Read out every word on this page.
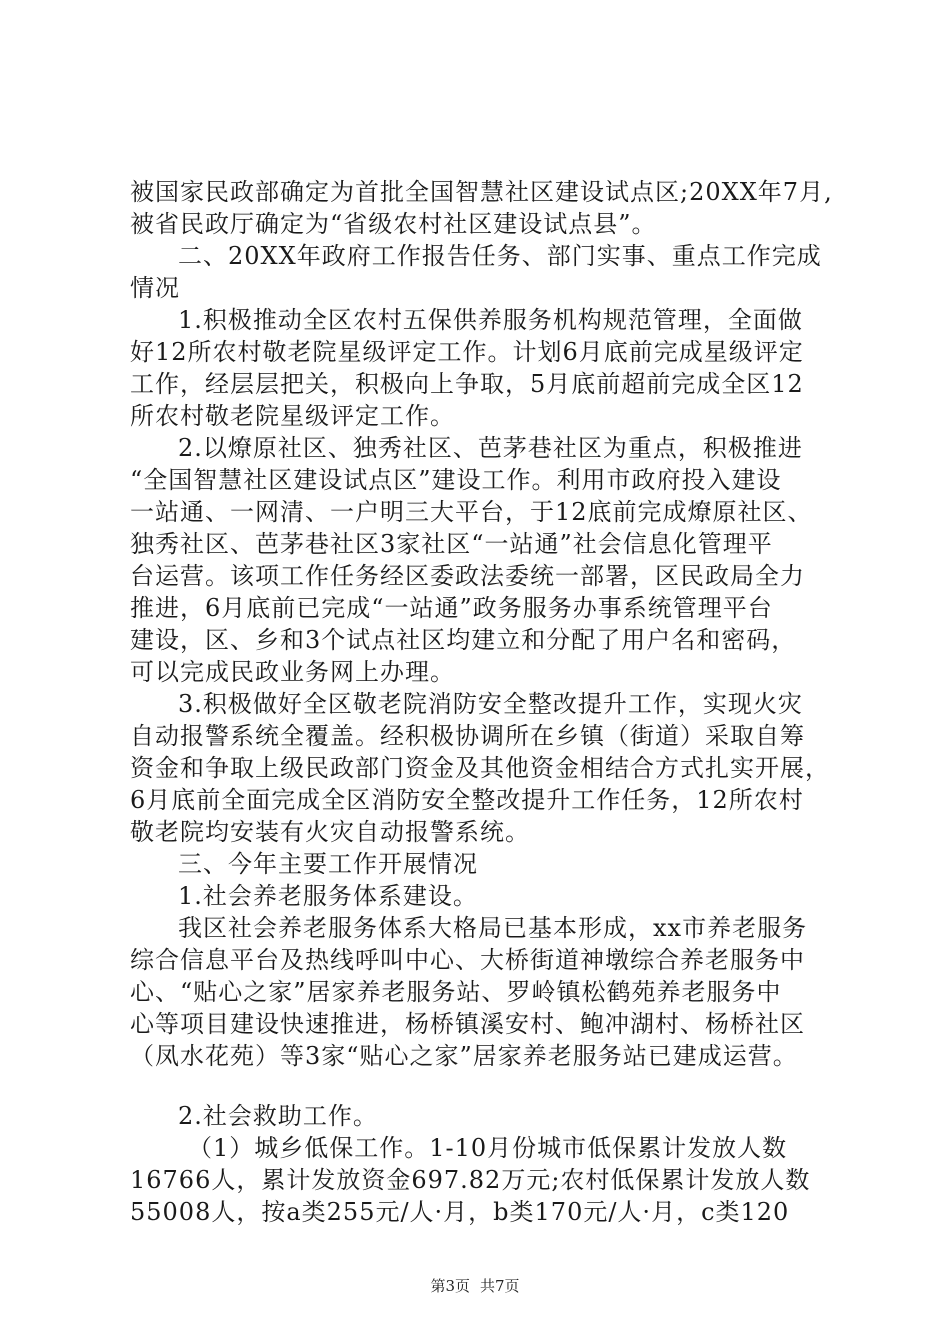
被国家民政部确定为首批全国智慧社区建设试点区;20XX年7月,
被省民政厅确定为“省级农村社区建设试点县”。
二、20XX年政府工作报告任务、部门实事、重点工作完成
情况
1.积极推动全区农村五保供养服务机构规范管理，全面做
好12所农村敬老院星级评定工作。计划6月底前完成星级评定
工作，经层层把关，积极向上争取，5月底前超前完成全区12
所农村敬老院星级评定工作。
2.以燎原社区、独秀社区、芭茅巷社区为重点，积极推进
“全国智慧社区建设试点区”建设工作。利用市政府投入建设
一站通、一网清、一户明三大平台，于12底前完成燎原社区、
独秀社区、芭茅巷社区3家社区“一站通”社会信息化管理平
台运营。该项工作任务经区委政法委统一部署，区民政局全力
推进，6月底前已完成“一站通”政务服务办事系统管理平台
建设，区、乡和3个试点社区均建立和分配了用户名和密码，
可以完成民政业务网上办理。
3.积极做好全区敬老院消防安全整改提升工作，实现火灾
自动报警系统全覆盖。经积极协调所在乡镇（街道）采取自筹
资金和争取上级民政部门资金及其他资金相结合方式扎实开展，
6月底前全面完成全区消防安全整改提升工作任务，12所农村
敬老院均安装有火灾自动报警系统。
三、今年主要工作开展情况
1.社会养老服务体系建设。
我区社会养老服务体系大格局已基本形成，xx市养老服务
综合信息平台及热线呼叫中心、大桥街道神墩综合养老服务中
心、“贴心之家”居家养老服务站、罗岭镇松鹤苑养老服务中
心等项目建设快速推进，杨桥镇溪安村、鲍冲湖村、杨桥社区
（凤水花苑）等3家“贴心之家”居家养老服务站已建成运营。
2.社会救助工作。
（1）城乡低保工作。1-10月份城市低保累计发放人数
16766人，累计发放资金697.82万元;农村低保累计发放人数
55008人，按a类255元/人·月，b类170元/人·月，c类120
第3页 共7页
